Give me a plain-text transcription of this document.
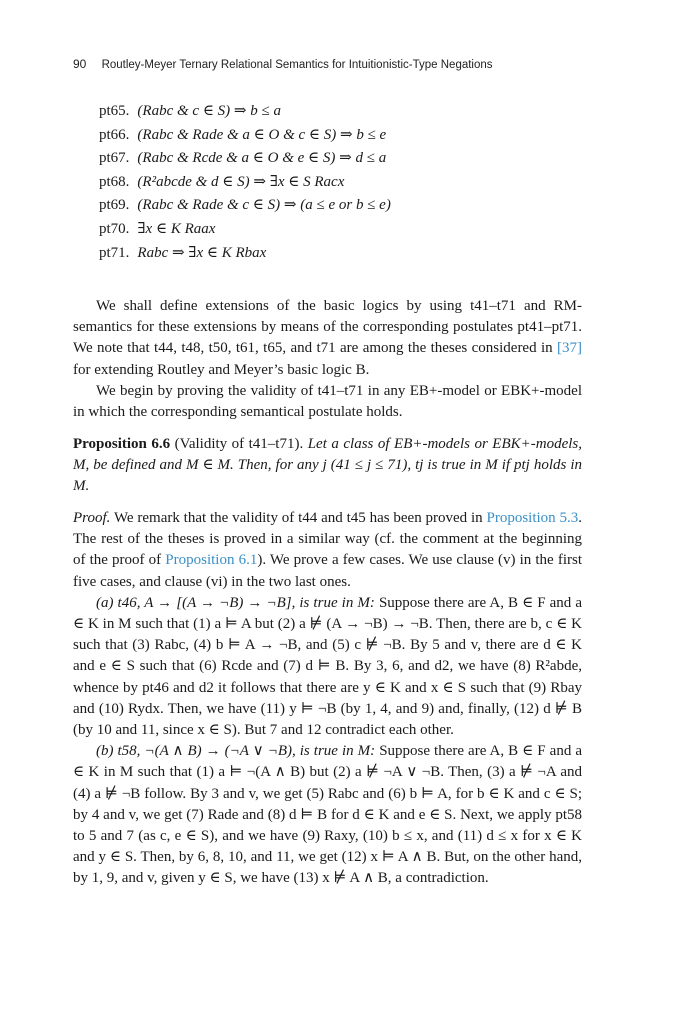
90 Routley-Meyer Ternary Relational Semantics for Intuitionistic-Type Negations
pt65. (Rabc & c ∈ S) ⇒ b ≤ a
pt66. (Rabc & Rade & a ∈ O & c ∈ S) ⇒ b ≤ e
pt67. (Rabc & Rcde & a ∈ O & e ∈ S) ⇒ d ≤ a
pt68. (R²abcde & d ∈ S) ⇒ ∃x ∈ S Racx
pt69. (Rabc & Rade & c ∈ S) ⇒ (a ≤ e or b ≤ e)
pt70. ∃x ∈ K Raax
pt71. Rabc ⇒ ∃x ∈ K Rbax

We shall define extensions of the basic logics by using t41–t71 and RM-semantics for these extensions by means of the corresponding postulates pt41–pt71. We note that t44, t48, t50, t61, t65, and t71 are among the theses considered in [37] for extending Routley and Meyer’s basic logic B.

We begin by proving the validity of t41–t71 in any EB+-model or EBK+-model in which the corresponding semantical postulate holds.

Proposition 6.6 (Validity of t41–t71). Let a class of EB+-models or EBK+-models, M, be defined and M ∈ M. Then, for any j (41 ≤ j ≤ 71), tj is true in M if ptj holds in M.

Proof. We remark that the validity of t44 and t45 has been proved in Proposition 5.3. The rest of the theses is proved in a similar way (cf. the comment at the beginning of the proof of Proposition 6.1). We prove a few cases. We use clause (v) in the first five cases, and clause (vi) in the two last ones.

(a) t46, A → [(A → ¬B) → ¬B], is true in M: Suppose there are A, B ∈ F and a ∈ K in M such that (1) a ⊨ A but (2) a ⊭ (A → ¬B) → ¬B. Then, there are b, c ∈ K such that (3) Rabc, (4) b ⊨ A → ¬B, and (5) c ⊭ ¬B. By 5 and v, there are d ∈ K and e ∈ S such that (6) Rcde and (7) d ⊨ B. By 3, 6, and d2, we have (8) R²abde, whence by pt46 and d2 it follows that there are y ∈ K and x ∈ S such that (9) Rbay and (10) Rydx. Then, we have (11) y ⊨ ¬B (by 1, 4, and 9) and, finally, (12) d ⊭ B (by 10 and 11, since x ∈ S). But 7 and 12 contradict each other.

(b) t58, ¬(A ∧ B) → (¬A ∨ ¬B), is true in M: Suppose there are A, B ∈ F and a ∈ K in M such that (1) a ⊨ ¬(A ∧ B) but (2) a ⊭ ¬A ∨ ¬B. Then, (3) a ⊭ ¬A and (4) a ⊭ ¬B follow. By 3 and v, we get (5) Rabc and (6) b ⊨ A, for b ∈ K and c ∈ S; by 4 and v, we get (7) Rade and (8) d ⊨ B for d ∈ K and e ∈ S. Next, we apply pt58 to 5 and 7 (as c, e ∈ S), and we have (9) Raxy, (10) b ≤ x, and (11) d ≤ x for x ∈ K and y ∈ S. Then, by 6, 8, 10, and 11, we get (12) x ⊨ A ∧ B. But, on the other hand, by 1, 9, and v, given y ∈ S, we have (13) x ⊭ A ∧ B, a contradiction.
